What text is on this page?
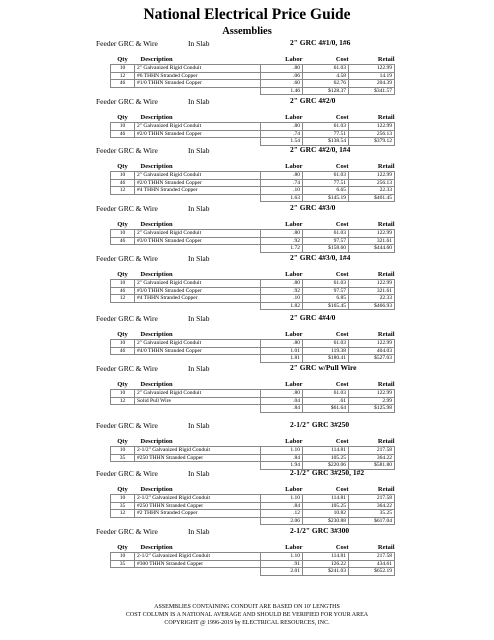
National Electrical Price Guide
Assemblies
Feeder GRC & Wire	In Slab	2" GRC 4#1/0, 1#6
Qty	Description	Labor	Cost	Retail
10	2" Galvanized Rigid Conduit	.80	61.03	122.99
12	#6 THHN Stranded Copper	.06	4.58	14.19
46	#1/0 THHN Stranded Copper	.60	62.76	204.39
		1.46	$128.37	$341.57
Feeder GRC & Wire	In Slab	2" GRC 4#2/0
Qty	Description	Labor	Cost	Retail
10	2" Galvanized Rigid Conduit	.80	61.03	122.99
46	#2/0 THHN Stranded Copper	.74	77.51	256.13
		1.54	$138.54	$379.12
Feeder GRC & Wire	In Slab	2" GRC 4#2/0, 1#4
Qty	Description	Labor	Cost	Retail
10	2" Galvanized Rigid Conduit	.80	61.03	122.99
46	#2/0 THHN Stranded Copper	.74	77.51	256.13
12	#4 THHN Stranded Copper	.10	6.65	22.33
		1.63	$145.19	$401.45
Feeder GRC & Wire	In Slab	2" GRC 4#3/0
Qty	Description	Labor	Cost	Retail
10	2" Galvanized Rigid Conduit	.80	61.03	122.99
46	#3/0 THHN Stranded Copper	.92	97.57	321.61
		1.72	$158.60	$444.60
Feeder GRC & Wire	In Slab	2" GRC 4#3/0, 1#4
Qty	Description	Labor	Cost	Retail
10	2" Galvanized Rigid Conduit	.80	61.03	122.99
46	#3/0 THHN Stranded Copper	.92	97.57	321.61
12	#4 THHN Stranded Copper	.10	6.85	22.33
		1.82	$165.45	$466.93
Feeder GRC & Wire	In Slab	2" GRC 4#4/0
Qty	Description	Labor	Cost	Retail
10	2" Galvanized Rigid Conduit	.80	61.03	122.99
46	#4/0 THHN Stranded Copper	1.01	119.38	404.03
		1.81	$180.41	$527.03
Feeder GRC & Wire	In Slab	2" GRC w/Pull Wire
Qty	Description	Labor	Cost	Retail
10	2" Galvanized Rigid Conduit	.80	61.03	122.99
12	Solid Pull Wire	.04	.61	2.99
		.84	$61.64	$125.98
Feeder GRC & Wire	In Slab	2-1/2" GRC 3#250
Qty	Description	Labor	Cost	Retail
10	2-1/2" Galvanized Rigid Conduit	1.10	114.81	217.58
35	#250 THHN Stranded Copper	.84	105.25	364.22
		1.94	$220.06	$581.80
Feeder GRC & Wire	In Slab	2-1/2" GRC 3#250, 1#2
Qty	Description	Labor	Cost	Retail
10	2-1/2" Galvanized Rigid Conduit	1.10	114.81	217.58
35	#250 THHN Stranded Copper	.84	105.25	364.22
12	#2 THHN Stranded Copper	.12	10.82	35.25
		2.06	$230.88	$617.04
Feeder GRC & Wire	In Slab	2-1/2" GRC 3#300
Qty	Description	Labor	Cost	Retail
10	2-1/2" Galvanized Rigid Conduit	1.10	114.81	217.58
35	#300 THHN Stranded Copper	.91	126.22	434.61
		2.01	$241.03	$652.19
ASSEMBLIES CONTAINING CONDUIT ARE BASED ON 10' LENGTHS
COST COLUMN IS A NATIONAL AVERAGE AND SHOULD BE VERIFIED FOR YOUR AREA
COPYRIGHT @ 1996-2019 by ELECTRICAL RESOURCES, INC.
